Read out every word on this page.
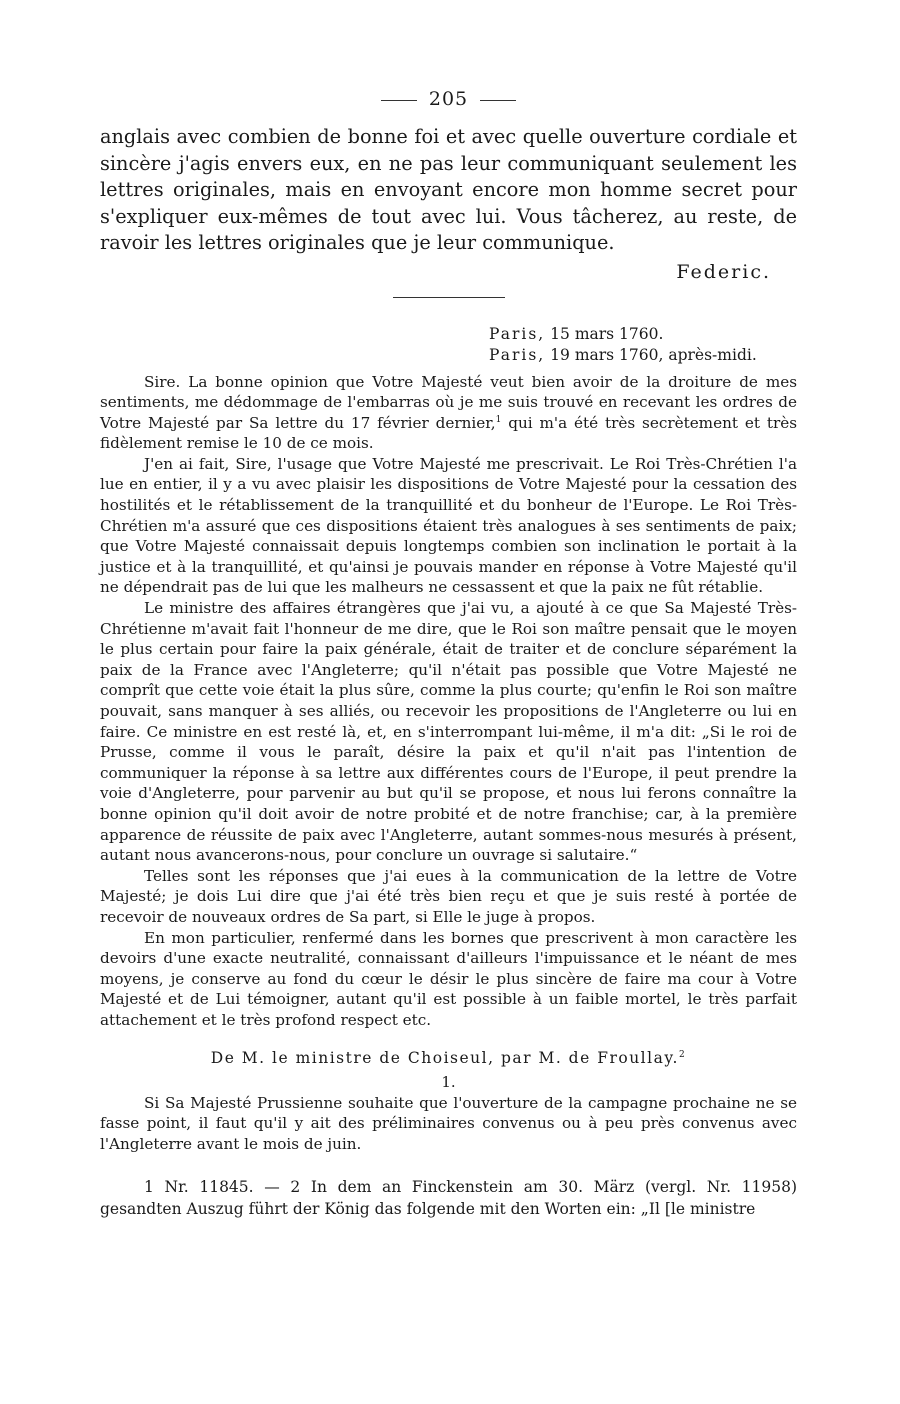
205

anglais avec combien de bonne foi et avec quelle ouverture cordiale et sincère j'agis envers eux, en ne pas leur communiquant seulement les lettres originales, mais en envoyant encore mon homme secret pour s'expliquer eux-mêmes de tout avec lui. Vous tâcherez, au reste, de ravoir les lettres originales que je leur communique.

Federic.
Paris, 15 mars 1760.
Paris, 19 mars 1760, après-midi.

Sire. La bonne opinion que Votre Majesté veut bien avoir de la droiture de mes sentiments, me dédommage de l'embarras où je me suis trouvé en recevant les ordres de Votre Majesté par Sa lettre du 17 février dernier,$^1$ qui m'a été très secrètement et très fidèlement remise le 10 de ce mois.

J'en ai fait, Sire, l'usage que Votre Majesté me prescrivait. Le Roi Très-Chrétien l'a lue en entier, il y a vu avec plaisir les dispositions de Votre Majesté pour la cessation des hostilités et le rétablissement de la tranquillité et du bonheur de l'Europe. Le Roi Très-Chrétien m'a assuré que ces dispositions étaient très analogues à ses sentiments de paix; que Votre Majesté connaissait depuis longtemps combien son inclination le portait à la justice et à la tranquillité, et qu'ainsi je pouvais mander en réponse à Votre Majesté qu'il ne dépendrait pas de lui que les malheurs ne cessassent et que la paix ne fût rétablie.

Le ministre des affaires étrangères que j'ai vu, a ajouté à ce que Sa Majesté Très-Chrétienne m'avait fait l'honneur de me dire, que le Roi son maître pensait que le moyen le plus certain pour faire la paix générale, était de traiter et de conclure séparément la paix de la France avec l'Angleterre; qu'il n'était pas possible que Votre Majesté ne comprît que cette voie était la plus sûre, comme la plus courte; qu'enfin le Roi son maître pouvait, sans manquer à ses alliés, ou recevoir les propositions de l'Angleterre ou lui en faire. Ce ministre en est resté là, et, en s'interrompant lui-même, il m'a dit: „Si le roi de Prusse, comme il vous le paraît, désire la paix et qu'il n'ait pas l'intention de communiquer la réponse à sa lettre aux différentes cours de l'Europe, il peut prendre la voie d'Angleterre, pour parvenir au but qu'il se propose, et nous lui ferons connaître la bonne opinion qu'il doit avoir de notre probité et de notre franchise; car, à la première apparence de réussite de paix avec l'Angleterre, autant sommes-nous mesurés à présent, autant nous avancerons-nous, pour conclure un ouvrage si salutaire.“

Telles sont les réponses que j'ai eues à la communication de la lettre de Votre Majesté; je dois Lui dire que j'ai été très bien reçu et que je suis resté à portée de recevoir de nouveaux ordres de Sa part, si Elle le juge à propos.

En mon particulier, renfermé dans les bornes que prescrivent à mon caractère les devoirs d'une exacte neutralité, connaissant d'ailleurs l'impuissance et le néant de mes moyens, je conserve au fond du cœur le désir le plus sincère de faire ma cour à Votre Majesté et de Lui témoigner, autant qu'il est possible à un faible mortel, le très parfait attachement et le très profond respect etc.

De M. le ministre de Choiseul, par M. de Froullay.$^2$
1.

Si Sa Majesté Prussienne souhaite que l'ouverture de la campagne prochaine ne se fasse point, il faut qu'il y ait des préliminaires convenus ou à peu près convenus avec l'Angleterre avant le mois de juin.

1 Nr. 11845. — 2 In dem an Finckenstein am 30. März (vergl. Nr. 11958) gesandten Auszug führt der König das folgende mit den Worten ein: „Il [le ministre
